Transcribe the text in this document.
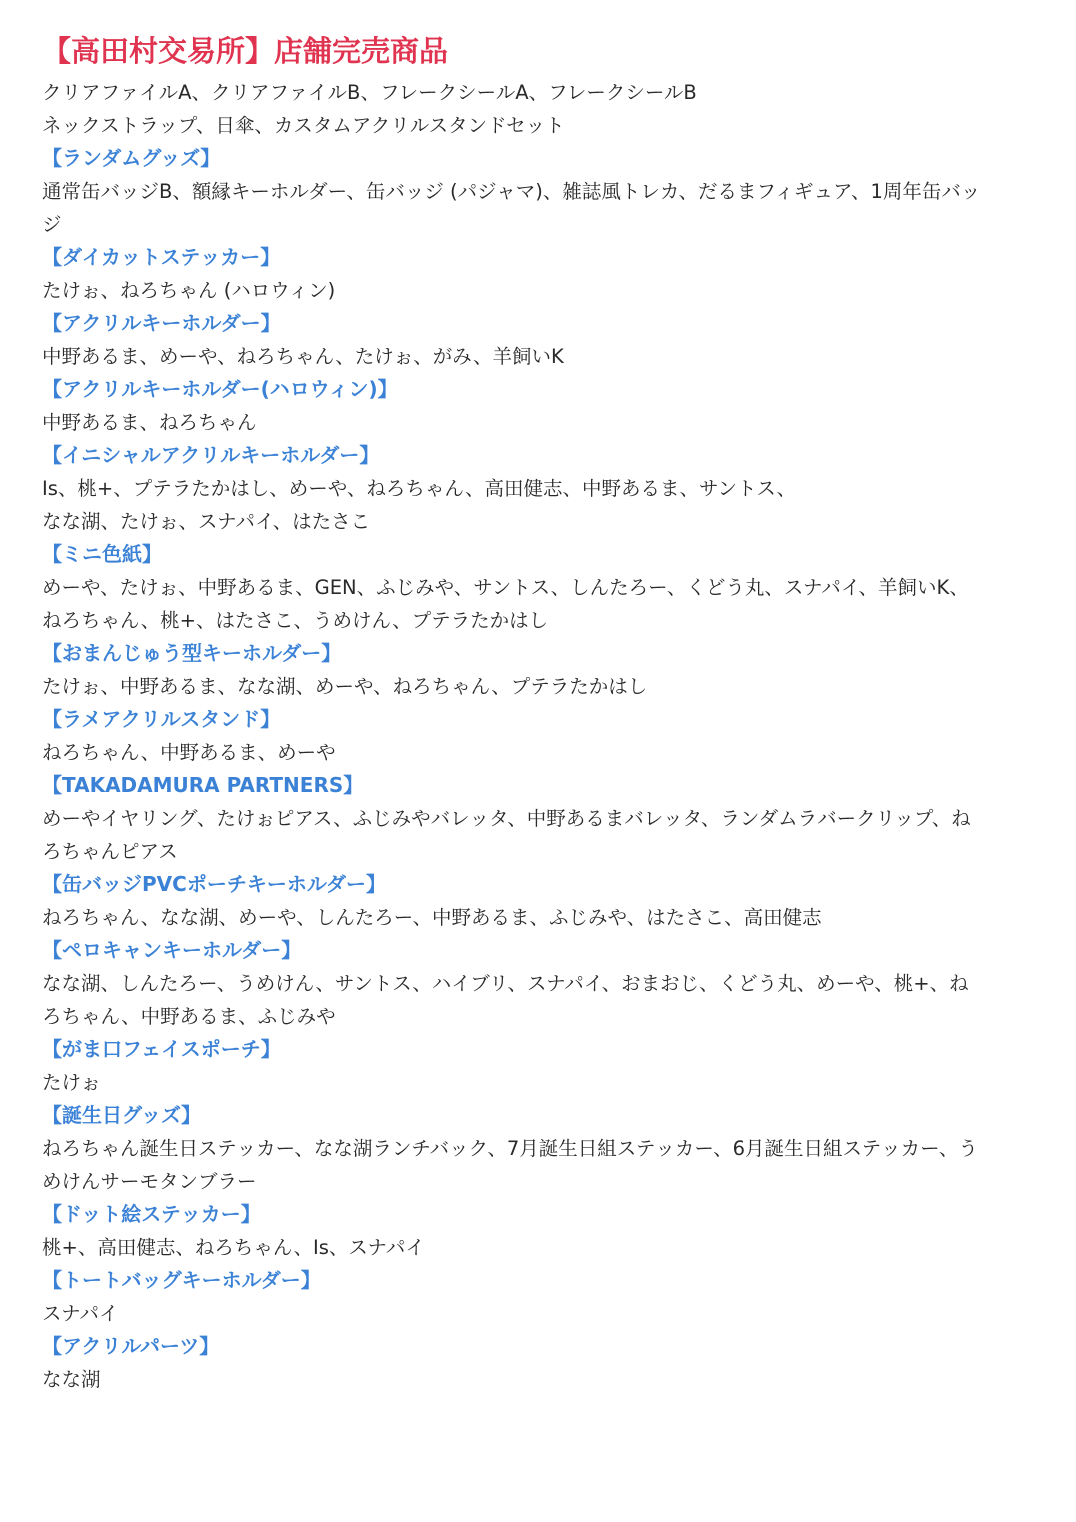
【高田村交易所】店舗完売商品
クリアファイルA、クリアファイルB、フレークシールA、フレークシールB
ネックストラップ、日傘、カスタムアクリルスタンドセット
【ランダムグッズ】
通常缶バッジB、額縁キーホルダー、缶バッジ (パジャマ)、雑誌風トレカ、だるまフィギュア、1周年缶バッ
ジ
【ダイカットステッカー】
たけぉ、ねろちゃん (ハロウィン)
【アクリルキーホルダー】
中野あるま、めーや、ねろちゃん、たけぉ、がみ、羊飼いK
【アクリルキーホルダー(ハロウィン)】
中野あるま、ねろちゃん
【イニシャルアクリルキーホルダー】
Is、桃+、プテラたかはし、めーや、ねろちゃん、高田健志、中野あるま、サントス、
なな湖、たけぉ、スナパイ、はたさこ
【ミニ色紙】
めーや、たけぉ、中野あるま、GEN、ふじみや、サントス、しんたろー、くどう丸、スナパイ、羊飼いK、
ねろちゃん、桃+、はたさこ、うめけん、プテラたかはし
【おまんじゅう型キーホルダー】
たけぉ、中野あるま、なな湖、めーや、ねろちゃん、プテラたかはし
【ラメアクリルスタンド】
ねろちゃん、中野あるま、めーや
【TAKADAMURA PARTNERS】
めーやイヤリング、たけぉピアス、ふじみやバレッタ、中野あるまバレッタ、ランダムラバークリップ、ね
ろちゃんピアス
【缶バッジPVCポーチキーホルダー】
ねろちゃん、なな湖、めーや、しんたろー、中野あるま、ふじみや、はたさこ、高田健志
【ペロキャンキーホルダー】
なな湖、しんたろー、うめけん、サントス、ハイブリ、スナパイ、おまおじ、くどう丸、めーや、桃+、ね
ろちゃん、中野あるま、ふじみや
【がま口フェイスポーチ】
たけぉ
【誕生日グッズ】
ねろちゃん誕生日ステッカー、なな湖ランチバック、7月誕生日組ステッカー、6月誕生日組ステッカー、う
めけんサーモタンブラー
【ドット絵ステッカー】
桃+、高田健志、ねろちゃん、Is、スナパイ
【トートバッグキーホルダー】
スナパイ
【アクリルパーツ】
なな湖
